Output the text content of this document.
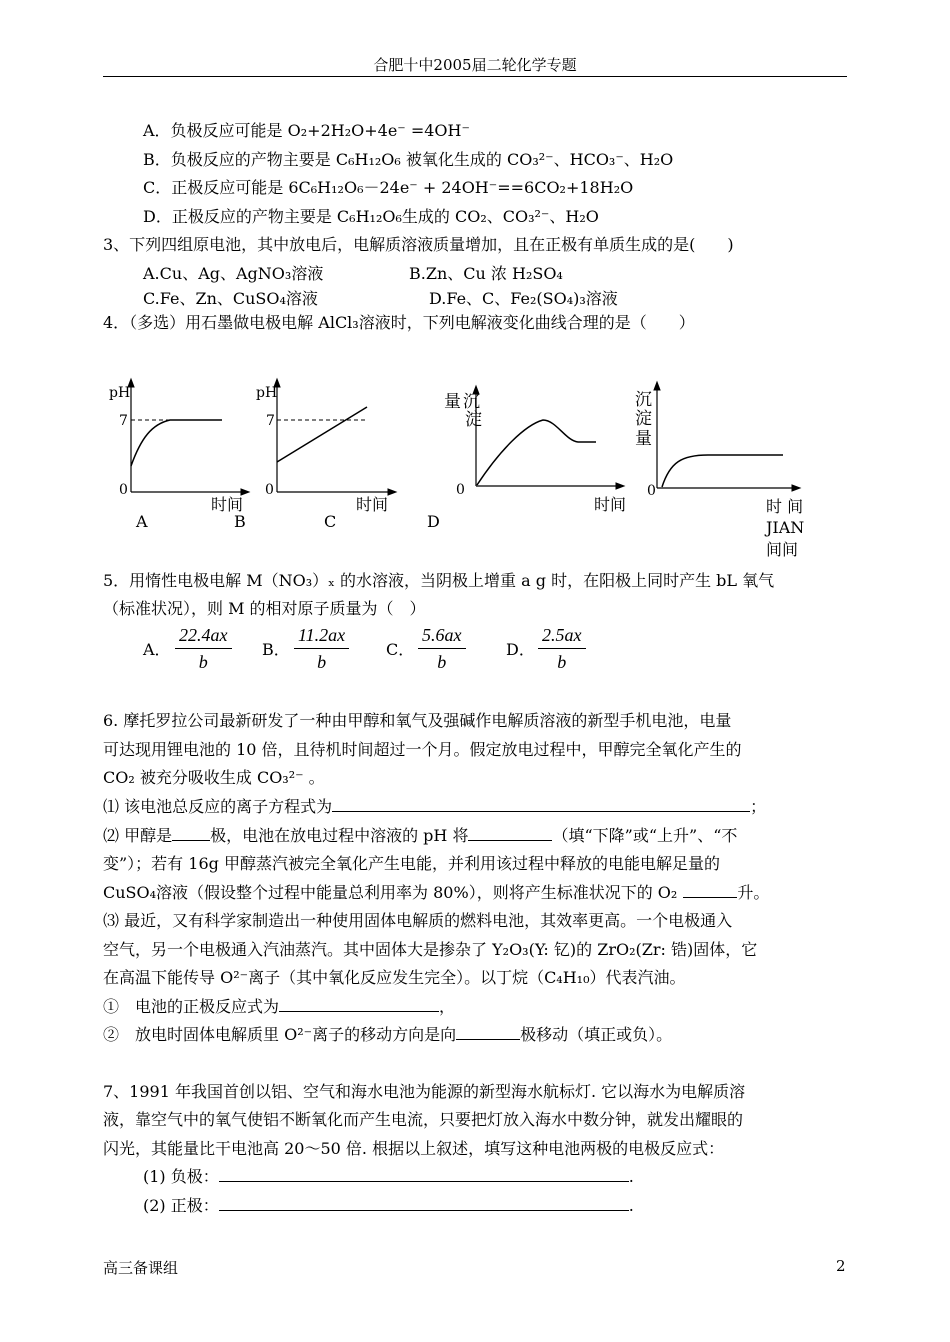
合肥十中2005届二轮化学专题
A．负极反应可能是 O₂+2H₂O+4e⁻ =4OH⁻
B．负极反应的产物主要是 C₆H₁₂O₆ 被氧化生成的 CO₃²⁻、HCO₃⁻、H₂O
C．正极反应可能是 6C₆H₁₂O₆－24e⁻ + 24OH⁻==6CO₂+18H₂O
D．正极反应的产物主要是 C₆H₁₂O₆生成的 CO₂、CO₃²⁻、H₂O
3、下列四组原电池，其中放电后，电解质溶液质量增加，且在正极有单质生成的是(　　)
A.Cu、Ag、AgNO₃溶液	B.Zn、Cu 浓 H₂SO₄
C.Fe、Zn、CuSO₄溶液	D.Fe、C、Fe₂(SO₄)₃溶液
4．（多选）用石墨做电极电解 AlCl₃溶液时，下列电解液变化曲线合理的是（　　）
pH
7
0
时间
pH
7
0
时间
量 沉
淀
0
时间
沉
淀
量
0
A	B	C	D
时 间
JIAN
间间
5．用惰性电极电解 M（NO₃）ₓ 的水溶液，当阴极上增重 a g 时，在阳极上同时产生 bL 氧气
（标准状况），则 M 的相对原子质量为（　）
A． $\frac{22.4ax}{b}$ B． $\frac{11.2ax}{b}$ C． $\frac{5.6ax}{b}$	D． $\frac{2.5ax}{b}$
6. 摩托罗拉公司最新研发了一种由甲醇和氧气及强碱作电解质溶液的新型手机电池，电量
可达现用锂电池的 10 倍，且待机时间超过一个月。假定放电过程中，甲醇完全氧化产生的
CO₂ 被充分吸收生成 CO₃²⁻ 。
⑴ 该电池总反应的离子方程式为	；
⑵ 甲醇是 极，电池在放电过程中溶液的 pH 将	（填“下降”或“上升”、“不
变”）；若有 16g 甲醇蒸汽被完全氧化产生电能，并利用该过程中释放的电能电解足量的
CuSO₄溶液（假设整个过程中能量总利用率为 80%），则将产生标准状况下的 O₂	升。
⑶ 最近，又有科学家制造出一种使用固体电解质的燃料电池，其效率更高。一个电极通入
空气，另一个电极通入汽油蒸汽。其中固体大是掺杂了 Y₂O₃(Y: 钇)的 ZrO₂(Zr: 锆)固体，它
在高温下能传导 O²⁻离子（其中氧化反应发生完全）。以丁烷（C₄H₁₀）代表汽油。
①　电池的正极反应式为	，
②　放电时固体电解质里 O²⁻离子的移动方向是向	极移动（填正或负）。
7、1991 年我国首创以铝、空气和海水电池为能源的新型海水航标灯. 它以海水为电解质溶
液，靠空气中的氧气使铝不断氧化而产生电流，只要把灯放入海水中数分钟，就发出耀眼的
闪光，其能量比干电池高 20～50 倍. 根据以上叙述，填写这种电池两极的电极反应式：
(1) 负极：	.
(2) 正极：	.
高三备课组	2
